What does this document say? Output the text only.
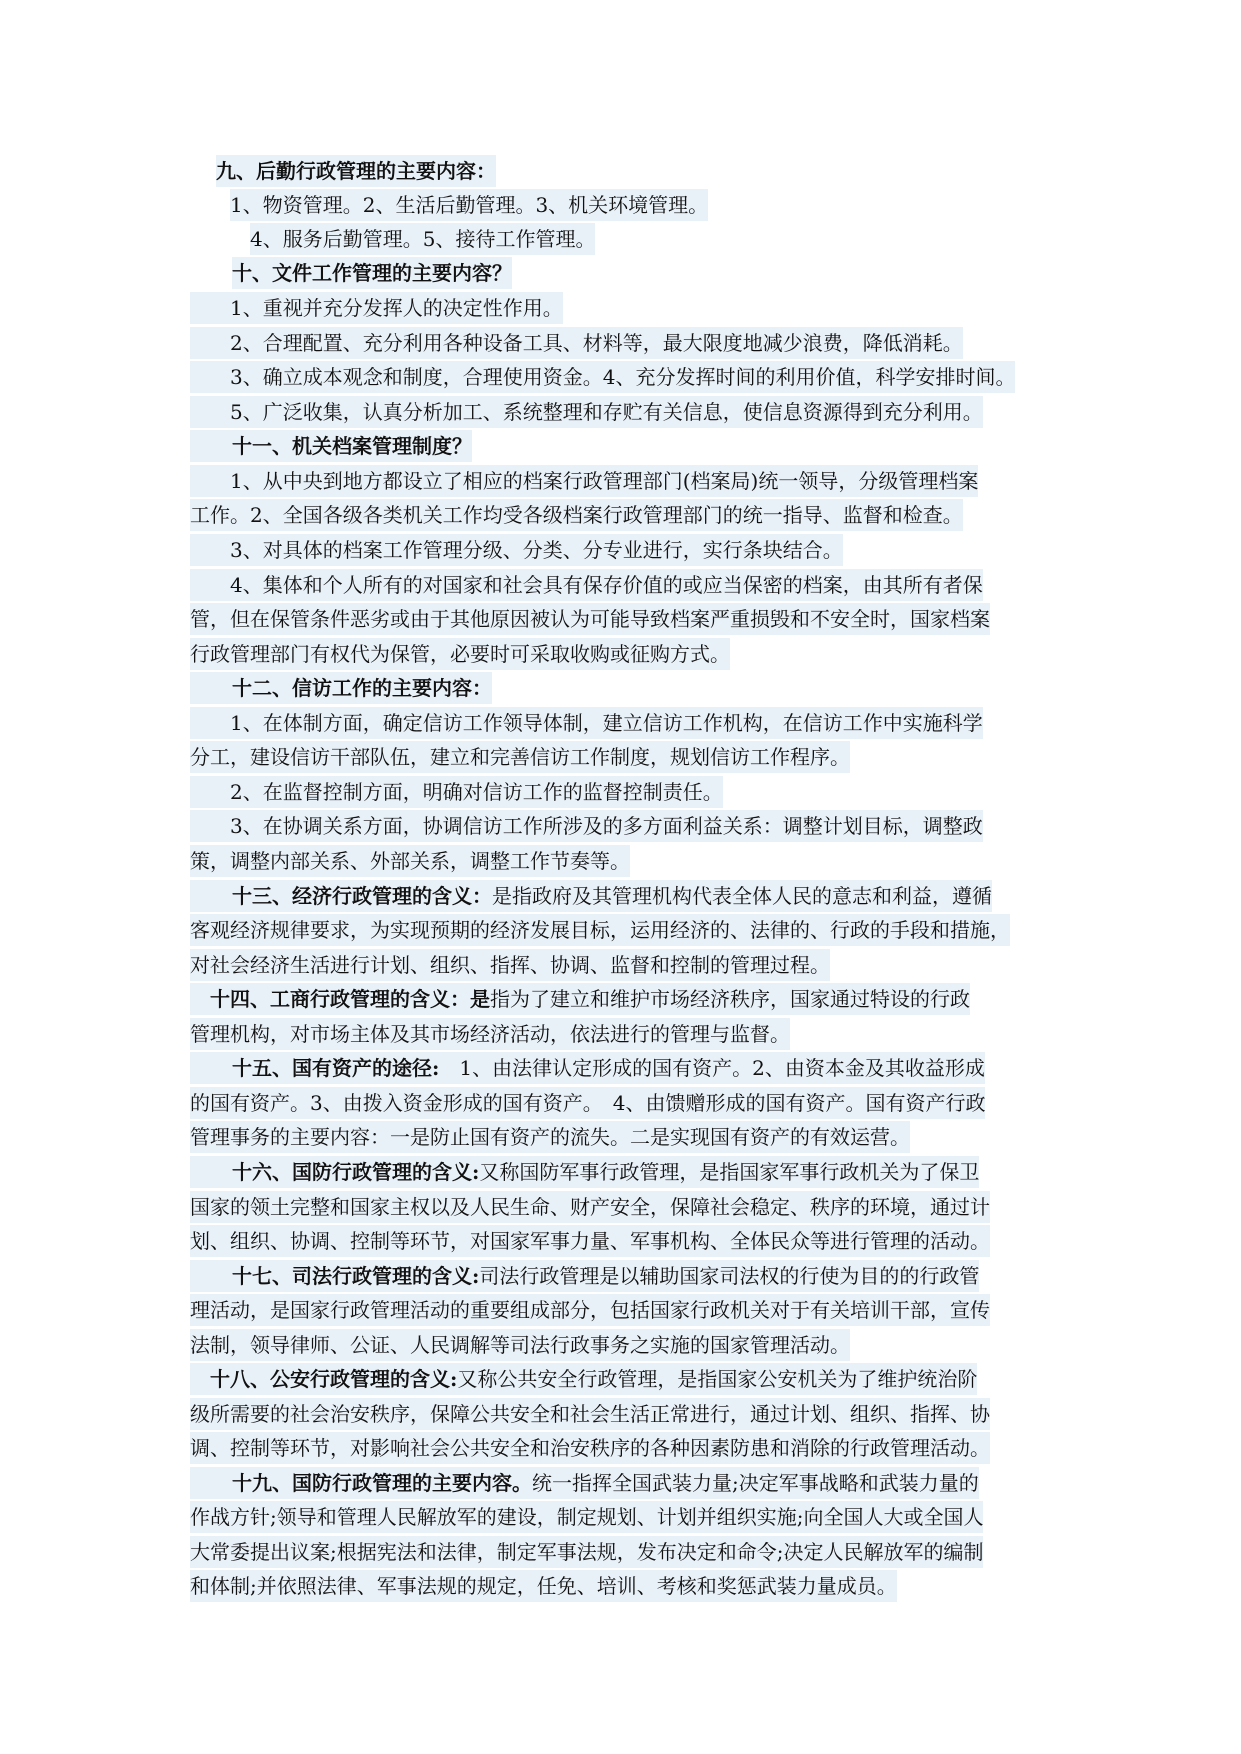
九、后勤行政管理的主要内容：
1、物资管理。2、生活后勤管理。3、机关环境管理。
4、服务后勤管理。5、接待工作管理。
十、文件工作管理的主要内容？
1、重视并充分发挥人的决定性作用。
2、合理配置、充分利用各种设备工具、材料等，最大限度地减少浪费，降低消耗。
3、确立成本观念和制度，合理使用资金。4、充分发挥时间的利用价值，科学安排时间。
5、广泛收集，认真分析加工、系统整理和存贮有关信息，使信息资源得到充分利用。
十一、机关档案管理制度？
1、从中央到地方都设立了相应的档案行政管理部门(档案局)统一领导，分级管理档案
工作。2、全国各级各类机关工作均受各级档案行政管理部门的统一指导、监督和检查。
3、对具体的档案工作管理分级、分类、分专业进行，实行条块结合。
4、集体和个人所有的对国家和社会具有保存价值的或应当保密的档案，由其所有者保
管，但在保管条件恶劣或由于其他原因被认为可能导致档案严重损毁和不安全时，国家档案
行政管理部门有权代为保管，必要时可采取收购或征购方式。
十二、信访工作的主要内容：
1、在体制方面，确定信访工作领导体制，建立信访工作机构，在信访工作中实施科学
分工，建设信访干部队伍，建立和完善信访工作制度，规划信访工作程序。
2、在监督控制方面，明确对信访工作的监督控制责任。
3、在协调关系方面，协调信访工作所涉及的多方面利益关系：调整计划目标，调整政
策，调整内部关系、外部关系，调整工作节奏等。
十三、经济行政管理的含义：是指政府及其管理机构代表全体人民的意志和利益，遵循
客观经济规律要求，为实现预期的经济发展目标，运用经济的、法律的、行政的手段和措施，
对社会经济生活进行计划、组织、指挥、协调、监督和控制的管理过程。
十四、工商行政管理的含义：是指为了建立和维护市场经济秩序，国家通过特设的行政
管理机构，对市场主体及其市场经济活动，依法进行的管理与监督。
十五、国有资产的途径:　1、由法律认定形成的国有资产。2、由资本金及其收益形成
的国有资产。3、由拨入资金形成的国有资产。　4、由馈赠形成的国有资产。国有资产行政
管理事务的主要内容：一是防止国有资产的流失。二是实现国有资产的有效运营。
十六、国防行政管理的含义:又称国防军事行政管理，是指国家军事行政机关为了保卫
国家的领土完整和国家主权以及人民生命、财产安全，保障社会稳定、秩序的环境，通过计
划、组织、协调、控制等环节，对国家军事力量、军事机构、全体民众等进行管理的活动。
十七、司法行政管理的含义:司法行政管理是以辅助国家司法权的行使为目的的行政管
理活动，是国家行政管理活动的重要组成部分，包括国家行政机关对于有关培训干部，宣传
法制，领导律师、公证、人民调解等司法行政事务之实施的国家管理活动。
十八、公安行政管理的含义:又称公共安全行政管理，是指国家公安机关为了维护统治阶
级所需要的社会治安秩序，保障公共安全和社会生活正常进行，通过计划、组织、指挥、协
调、控制等环节，对影响社会公共安全和治安秩序的各种因素防患和消除的行政管理活动。
十九、国防行政管理的主要内容。统一指挥全国武装力量;决定军事战略和武装力量的
作战方针;领导和管理人民解放军的建设，制定规划、计划并组织实施;向全国人大或全国人
大常委提出议案;根据宪法和法律，制定军事法规，发布决定和命令;决定人民解放军的编制
和体制;并依照法律、军事法规的规定，任免、培训、考核和奖惩武装力量成员。
